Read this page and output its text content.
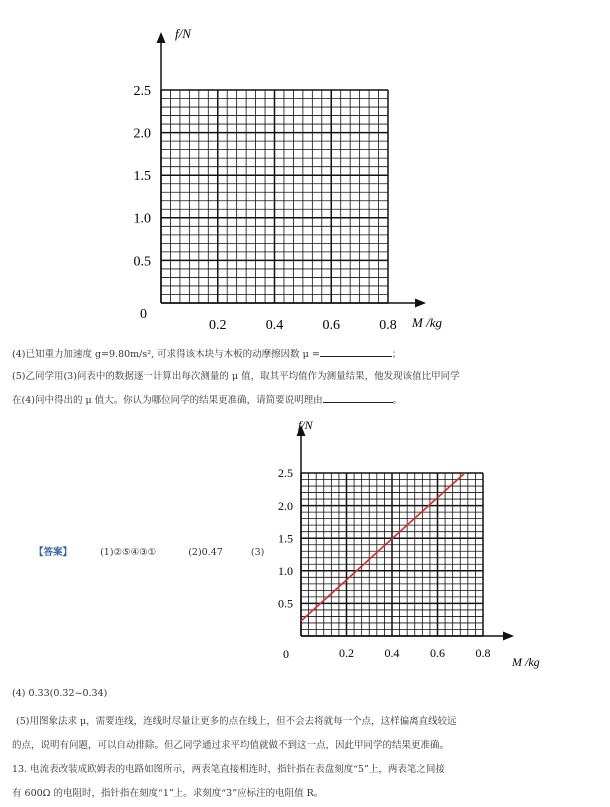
0.5
1.0
1.5
2.0
2.5
0.2	0.4	0.6	0.8
f/N
M /kg
0
(4)已知重力加速度 g=9.80m/s², 可求得该木块与木板的动摩擦因数 μ =	；
(5)乙同学用(3)问表中的数据逐一计算出每次测量的 μ 值，取其平均值作为测量结果，他发现该值比甲同学
在(4)问中得出的 μ 值大。你认为哪位同学的结果更准确，请简要说明理由	。
0.5
1.0
1.5
2.0
2.5
0.2	0.4	0.6	0.8
f/N
M /kg
0
【答案】	(1)②⑤④③①	(2)0.47	(3)
(4) 0.33(0.32~0.34)
(5)用图象法求 μ，需要连线，连线时尽量让更多的点在线上，但不会去将就每一个点，这样偏离直线较远
的点，说明有问题，可以自动排除。但乙同学通过求平均值就做不到这一点，因此甲同学的结果更准确。
13. 电流表改装成欧姆表的电路如图所示，两表笔直接相连时，指针指在表盘刻度“5”上，两表笔之间接
有 600Ω 的电阻时，指针指在刻度“1”上。求刻度“3”应标注的电阻值 R。
